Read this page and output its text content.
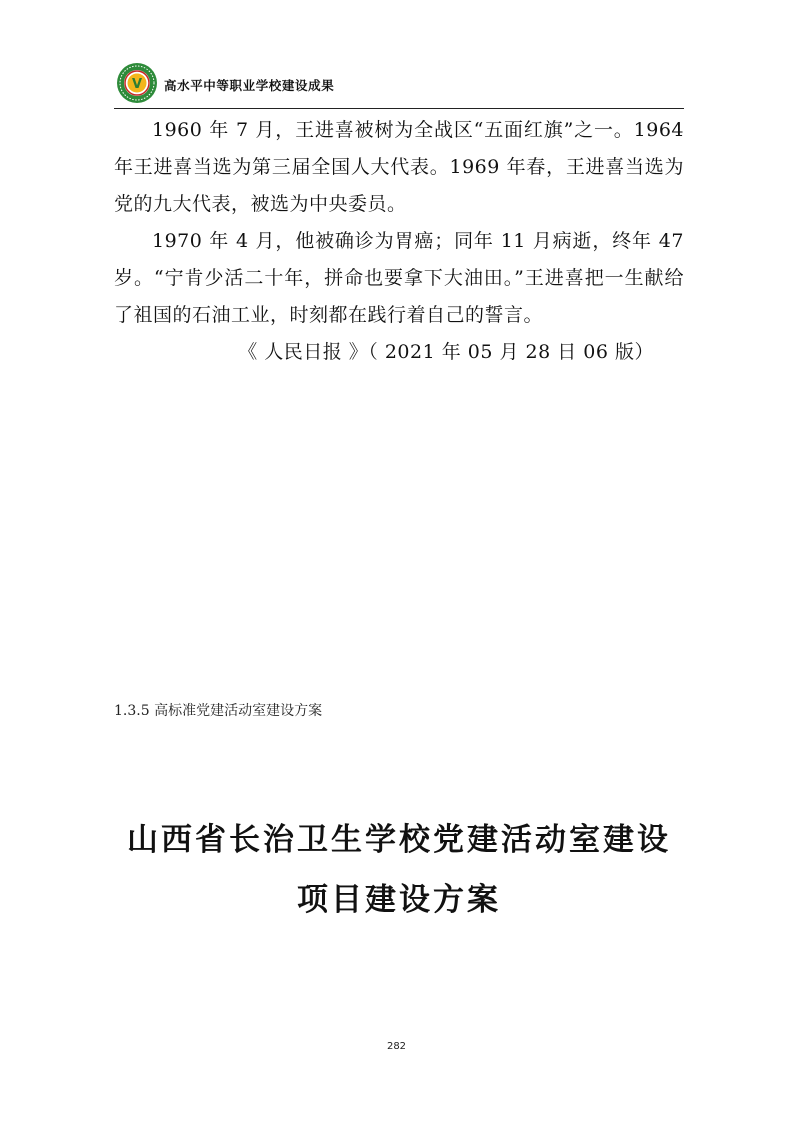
V 高水平中等职业学校建设成果

1960 年 7 月，王进喜被树为全战区“五面红旗”之一。1964 年王进喜当选为第三届全国人大代表。1969 年春，王进喜当选为党的九大代表，被选为中央委员。

1970 年 4 月，他被确诊为胃癌；同年 11 月病逝，终年 47 岁。“宁肯少活二十年，拼命也要拿下大油田。”王进喜把一生献给了祖国的石油工业，时刻都在践行着自己的誓言。

《 人民日报 》（ 2021 年 05 月 28 日 06 版）

1.3.5 高标准党建活动室建设方案
山西省长治卫生学校党建活动室建设
项目建设方案
282
